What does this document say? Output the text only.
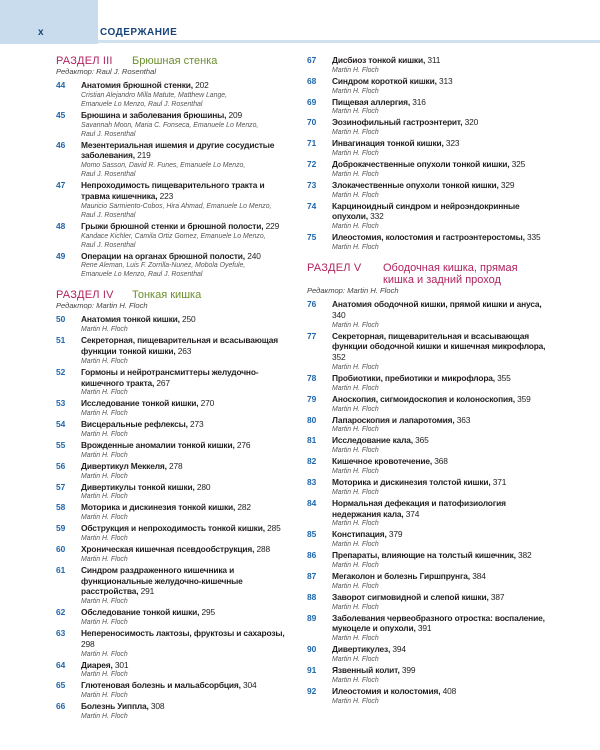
x	СОДЕРЖАНИЕ
РАЗДЕЛ III	Брюшная стенка
Редактор: Raul J. Rosenthal
44	Анатомия брюшной стенки, 202
Cristian Alejandro Milla Matute, Matthew Lange,
Emanuele Lo Menzo, Raul J. Rosenthal
45	Брюшина и заболевания брюшины, 209
Savannah Moon, Maria C. Fonseca, Emanuele Lo Menzo,
Raul J. Rosenthal
46	Мезентериальная ишемия и другие сосудистые заболевания, 219
Momo Sasson, David R. Funes, Emanuele Lo Menzo,
Raul J. Rosenthal
47	Непроходимость пищеварительного тракта и травма кишечника, 223
Mauricio Sarmiento-Cobos, Hira Ahmad, Emanuele Lo Menzo,
Raul J. Rosenthal
48	Грыжи брюшной стенки и брюшной полости, 229
Kandace Kichler, Camila Ortiz Gomez, Emanuele Lo Menzo,
Raul J. Rosenthal
49	Операции на органах брюшной полости, 240
Rene Aleman, Luis F. Zorrilla-Nunez, Mobola Oyefule,
Emanuele Lo Menzo, Raul J. Rosenthal
РАЗДЕЛ IV	Тонкая кишка
Редактор: Martin H. Floch
50	Анатомия тонкой кишки, 250
Martin H. Floch
51	Секреторная, пищеварительная и всасывающая функции тонкой кишки, 263
Martin H. Floch
52	Гормоны и нейротрансмиттеры желудочно-кишечного тракта, 267
Martin H. Floch
53	Исследование тонкой кишки, 270
Martin H. Floch
54	Висцеральные рефлексы, 273
Martin H. Floch
55	Врожденные аномалии тонкой кишки, 276
Martin H. Floch
56	Дивертикул Меккеля, 278
Martin H. Floch
57	Дивертикулы тонкой кишки, 280
Martin H. Floch
58	Моторика и дискинезия тонкой кишки, 282
Martin H. Floch
59	Обструкция и непроходимость тонкой кишки, 285
Martin H. Floch
60	Хроническая кишечная псевдообструкция, 288
Martin H. Floch
61	Синдром раздраженного кишечника и функциональные желудочно-кишечные расстройства, 291
Martin H. Floch
62	Обследование тонкой кишки, 295
Martin H. Floch
63	Непереносимость лактозы, фруктозы и сахарозы, 298
Martin H. Floch
64	Диарея, 301
Martin H. Floch
65	Глютеновая болезнь и мальабсорбция, 304
Martin H. Floch
66	Болезнь Уиппла, 308
Martin H. Floch
67	Дисбиоз тонкой кишки, 311
Martin H. Floch
68	Синдром короткой кишки, 313
Martin H. Floch
69	Пищевая аллергия, 316
Martin H. Floch
70	Эозинофильный гастроэнтерит, 320
Martin H. Floch
71	Инвагинация тонкой кишки, 323
Martin H. Floch
72	Доброкачественные опухоли тонкой кишки, 325
Martin H. Floch
73	Злокачественные опухоли тонкой кишки, 329
Martin H. Floch
74	Карциноидный синдром и нейроэндокринные опухоли, 332
Martin H. Floch
75	Илеостомия, колостомия и гастроэнтеростомы, 335
Martin H. Floch
РАЗДЕЛ V	Ободочная кишка, прямая кишка и задний проход
Редактор: Martin H. Floch
76	Анатомия ободочной кишки, прямой кишки и ануса, 340
Martin H. Floch
77	Секреторная, пищеварительная и всасывающая функции ободочной кишки и кишечная микрофлора, 352
Martin H. Floch
78	Пробиотики, пребиотики и микрофлора, 355
Martin H. Floch
79	Аноскопия, сигмоидоскопия и колоноскопия, 359
Martin H. Floch
80	Лапароскопия и лапаротомия, 363
Martin H. Floch
81	Исследование кала, 365
Martin H. Floch
82	Кишечное кровотечение, 368
Martin H. Floch
83	Моторика и дискинезия толстой кишки, 371
Martin H. Floch
84	Нормальная дефекация и патофизиология недержания кала, 374
Martin H. Floch
85	Констипация, 379
Martin H. Floch
86	Препараты, влияющие на толстый кишечник, 382
Martin H. Floch
87	Мегаколон и болезнь Гиршпрунга, 384
Martin H. Floch
88	Заворот сигмовидной и слепой кишки, 387
Martin H. Floch
89	Заболевания червеобразного отростка: воспаление, мукоцеле и опухоли, 391
Martin H. Floch
90	Дивертикулез, 394
Martin H. Floch
91	Язвенный колит, 399
Martin H. Floch
92	Илеостомия и колостомия, 408
Martin H. Floch
